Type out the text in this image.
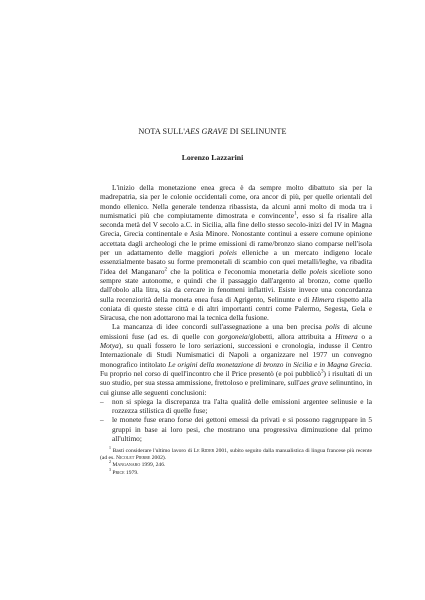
NOTA SULL'AES GRAVE DI SELINUNTE
Lorenzo Lazzarini

L'inizio della monetazione enea greca è da sempre molto dibattuto sia per la madrepatria, sia per le colonie occidentali come, ora ancor di più, per quelle orientali del mondo ellenico. Nella generale tendenza ribassista, da alcuni anni molto di moda tra i numismatici più che compiutamente dimostrata e convincente$^1$, esso si fa risalire alla seconda metà del V secolo a.C. in Sicilia, alla fine dello stesso secolo-inizi del IV in Magna Grecia, Grecia continentale e Asia Minore. Nonostante continui a essere comune opinione accettata dagli archeologi che le prime emissioni di rame/bronzo siano comparse nell'isola per un adattamento delle maggiori poleis elleniche a un mercato indigeno locale essenzialmente basato su forme premonetali di scambio con quei metalli/leghe, va ribadita l'idea del Manganaro$^2$ che la politica e l'economia monetaria delle poleis siceliote sono sempre state autonome, e quindi che il passaggio dall'argento al bronzo, come quello dall'obolo alla litra, sia da cercare in fenomeni inflattivi. Esiste invece una concordanza sulla recenziorità della moneta enea fusa di Agrigento, Selinunte e di Himera rispetto alla coniata di queste stesse città e di altri importanti centri come Palermo, Segesta, Gela e Siracusa, che non adottarono mai la tecnica della fusione.

La mancanza di idee concordi sull'assegnazione a una ben precisa polis di alcune emissioni fuse (ad es. di quelle con gorgoneia/globetti, allora attribuita a Himera o a Motya), su quali fossero le loro seriazioni, successioni e cronologia, indusse il Centro Internazionale di Studi Numismatici di Napoli a organizzare nel 1977 un convegno monografico intitolato Le origini della monetazione di bronzo in Sicilia e in Magna Grecia. Fu proprio nel corso di quell'incontro che il Price presentò (e poi pubblicò$^3$) i risultati di un suo studio, per sua stessa ammissione, frettoloso e preliminare, sull'aes grave selinuntino, in cui giunse alle seguenti conclusioni:

– non si spiega la discrepanza tra l'alta qualità delle emissioni argentee selinusie e la rozzezza stilistica di quelle fuse;
– le monete fuse erano forse dei gettoni emessi da privati e si possono raggruppare in 5 gruppi in base ai loro pesi, che mostrano una progressiva diminuzione dal primo all'ultimo;

$^1$ Basti considerare l'ultimo lavoro di Le Rider 2001, subito seguito dalla manualistica di lingua francese più recente (ad es. Nicolet Pierre 2002).

$^2$ Manganaro 1999, 246.

$^3$ Price 1979.
